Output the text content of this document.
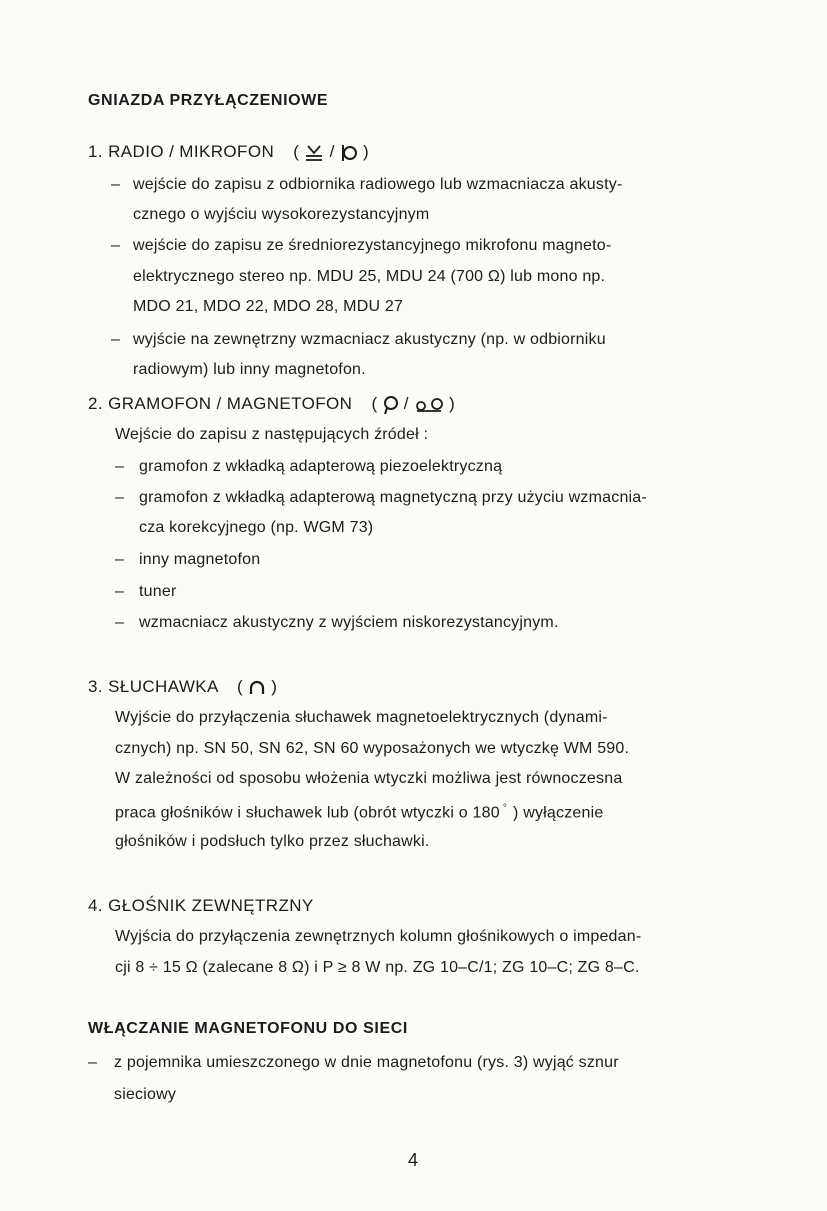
GNIAZDA PRZYŁĄCZENIOWE
1. RADIO / MIKROFON ( / )
– wejście do zapisu z odbiornika radiowego lub wzmacniacza akusty-
cznego o wyjściu wysokorezystancyjnym
– wejście do zapisu ze średniorezystancyjnego mikrofonu magneto-
elektrycznego stereo np. MDU 25, MDU 24 (700 Ω) lub mono np.
MDO 21, MDO 22, MDO 28, MDU 27
– wyjście na zewnętrzny wzmacniacz akustyczny (np. w odbiorniku
radiowym) lub inny magnetofon.
2. GRAMOFON / MAGNETOFON ( / )
Wejście do zapisu z następujących źródeł :
– gramofon z wkładką adapterową piezoelektryczną
– gramofon z wkładką adapterową magnetyczną przy użyciu wzmacnia-
cza korekcyjnego (np. WGM 73)
– inny magnetofon
– tuner
– wzmacniacz akustyczny z wyjściem niskorezystancyjnym.
3. SŁUCHAWKA ( )
Wyjście do przyłączenia słuchawek magnetoelektrycznych (dynami-
cznych) np. SN 50, SN 62, SN 60 wyposażonych we wtyczkę WM 590.
W zależności od sposobu włożenia wtyczki możliwa jest równoczesna
praca głośników i słuchawek lub (obrót wtyczki o 180 ° ) wyłączenie
głośników i podsłuch tylko przez słuchawki.
4. GŁOŚNIK ZEWNĘTRZNY
Wyjścia do przyłączenia zewnętrznych kolumn głośnikowych o impedan-
cji 8 ÷ 15 Ω (zalecane 8 Ω) i P ≥ 8 W np. ZG 10–C/1; ZG 10–C; ZG 8–C.
WŁĄCZANIE MAGNETOFONU DO SIECI
– z pojemnika umieszczonego w dnie magnetofonu (rys. 3) wyjąć sznur
sieciowy
4
